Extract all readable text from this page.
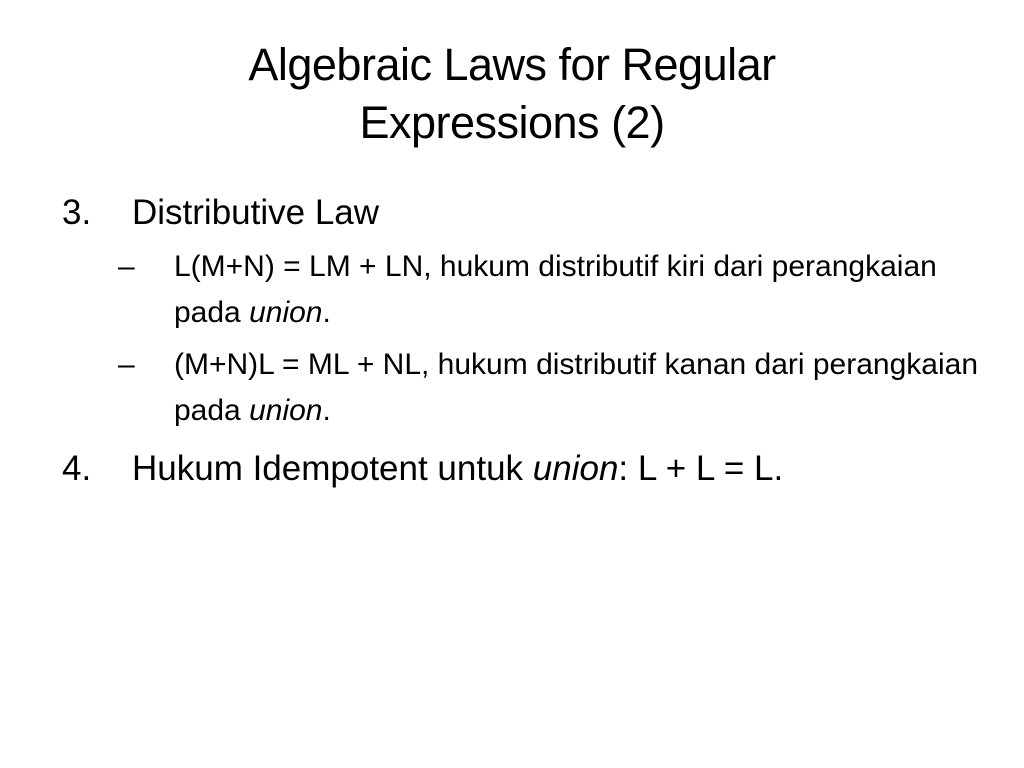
Algebraic Laws for Regular
Expressions (2)
3. Distributive Law
– L(M+N) = LM + LN, hukum distributif kiri dari perangkaian pada union.
– (M+N)L = ML + NL, hukum distributif kanan dari perangkaian pada union.
4. Hukum Idempotent untuk union: L + L = L.
